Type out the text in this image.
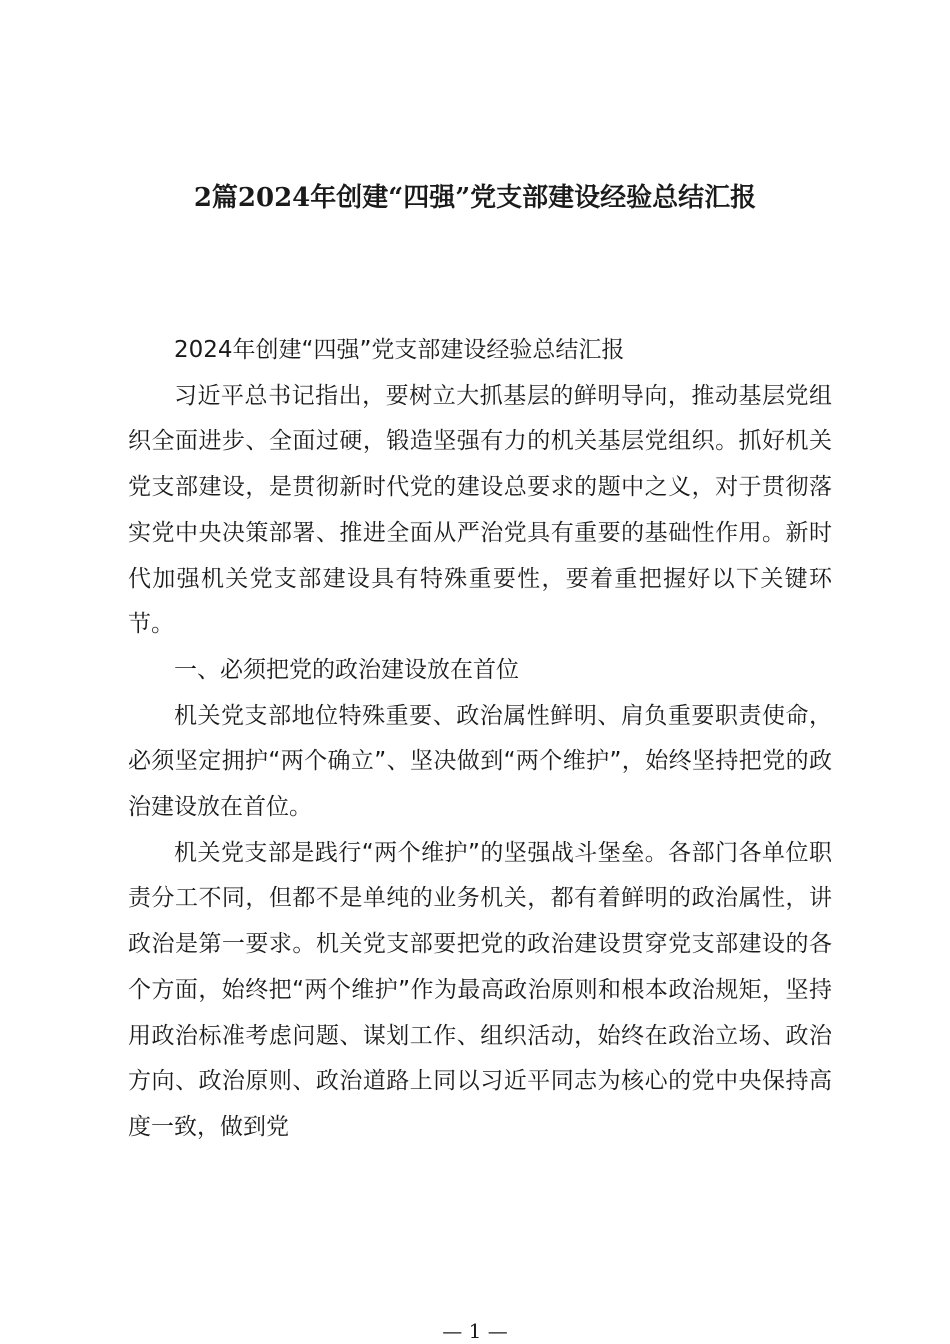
2篇2024年创建“四强”党支部建设经验总结汇报

2024年创建“四强”党支部建设经验总结汇报

习近平总书记指出，要树立大抓基层的鲜明导向，推动基层党组织全面进步、全面过硬，锻造坚强有力的机关基层党组织。抓好机关党支部建设，是贯彻新时代党的建设总要求的题中之义，对于贯彻落实党中央决策部署、推进全面从严治党具有重要的基础性作用。新时代加强机关党支部建设具有特殊重要性，要着重把握好以下关键环节。

一、必须把党的政治建设放在首位

机关党支部地位特殊重要、政治属性鲜明、肩负重要职责使命，必须坚定拥护“两个确立”、坚决做到“两个维护”，始终坚持把党的政治建设放在首位。

机关党支部是践行“两个维护”的坚强战斗堡垒。各部门各单位职责分工不同，但都不是单纯的业务机关，都有着鲜明的政治属性，讲政治是第一要求。机关党支部要把党的政治建设贯穿党支部建设的各个方面，始终把“两个维护”作为最高政治原则和根本政治规矩，坚持用政治标准考虑问题、谋划工作、组织活动，始终在政治立场、政治方向、政治原则、政治道路上同以习近平同志为核心的党中央保持高度一致，做到党

— 1 —
